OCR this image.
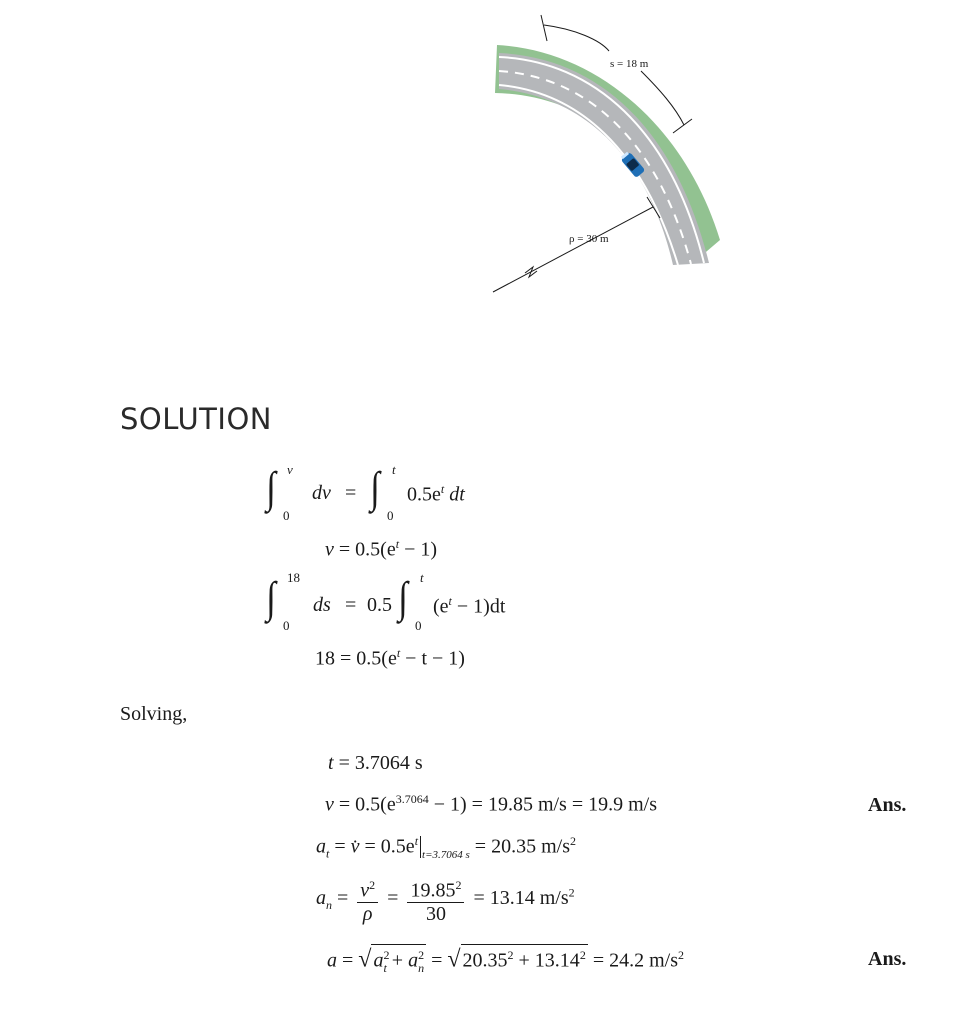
s = 18 m
ρ = 30 m
SOLUTION
∫ v
0
dv = ∫ t
0
$0.5e^t$ dt
$v = 0.5(e^t - 1)$
∫ 18
0
ds = 0.5 ∫ t
0
$(e^t - 1)dt$
$18 = 0.5(e^t - t - 1)$
Solving,
t = 3.7064 s
$v = 0.5(e^{3.7064} - 1) = 19.85$ m/s = 19.9 m/s	Ans.
$a_t$ = v̇ = $0.5e^t_{t=3.7064 s} = 20.35$ $m/s^2$
$a_n = \frac{v^2}{\rho} = \frac{19.85^2}{30} = 13.14$ $m/s^2$
a = √ $a^2_t + a^2_n$ = √ $20.35^2 + 13.14^2 = 24.2$ $m/s^2$	Ans.
